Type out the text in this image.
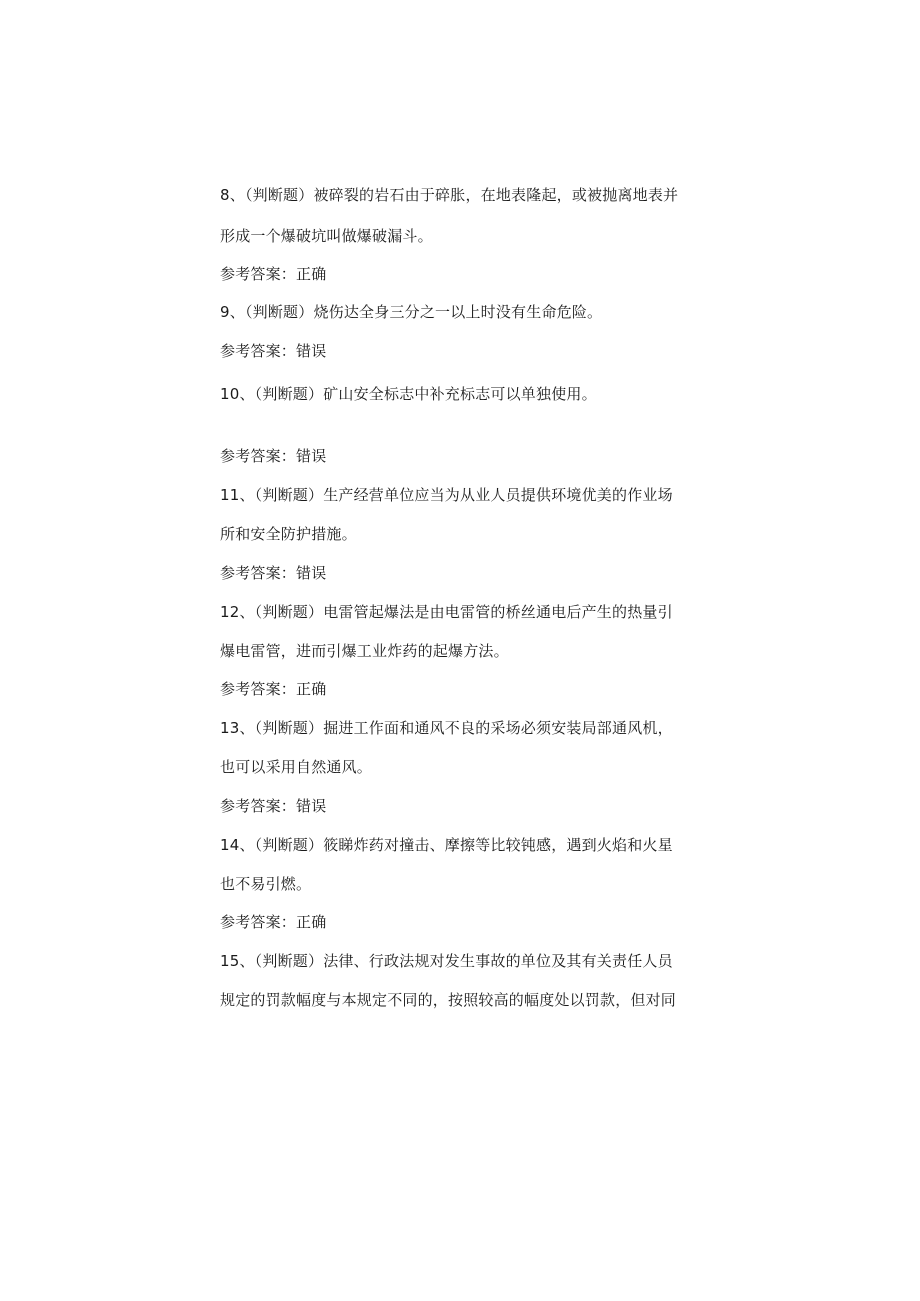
8、（判断题）被碎裂的岩石由于碎胀，在地表隆起，或被抛离地表并
形成一个爆破坑叫做爆破漏斗。
参考答案：正确
9、（判断题）烧伤达全身三分之一以上时没有生命危险。
参考答案：错误
10、（判断题）矿山安全标志中补充标志可以单独使用。
参考答案：错误
11、（判断题）生产经营单位应当为从业人员提供环境优美的作业场
所和安全防护措施。
参考答案：错误
12、（判断题）电雷管起爆法是由电雷管的桥丝通电后产生的热量引
爆电雷管，进而引爆工业炸药的起爆方法。
参考答案：正确
13、（判断题）掘进工作面和通风不良的采场必须安装局部通风机，
也可以采用自然通风。
参考答案：错误
14、（判断题）筱睇炸药对撞击、摩擦等比较钝感，遇到火焰和火星
也不易引燃。
参考答案：正确
15、（判断题）法律、行政法规对发生事故的单位及其有关责任人员
规定的罚款幅度与本规定不同的，按照较高的幅度处以罚款，但对同
